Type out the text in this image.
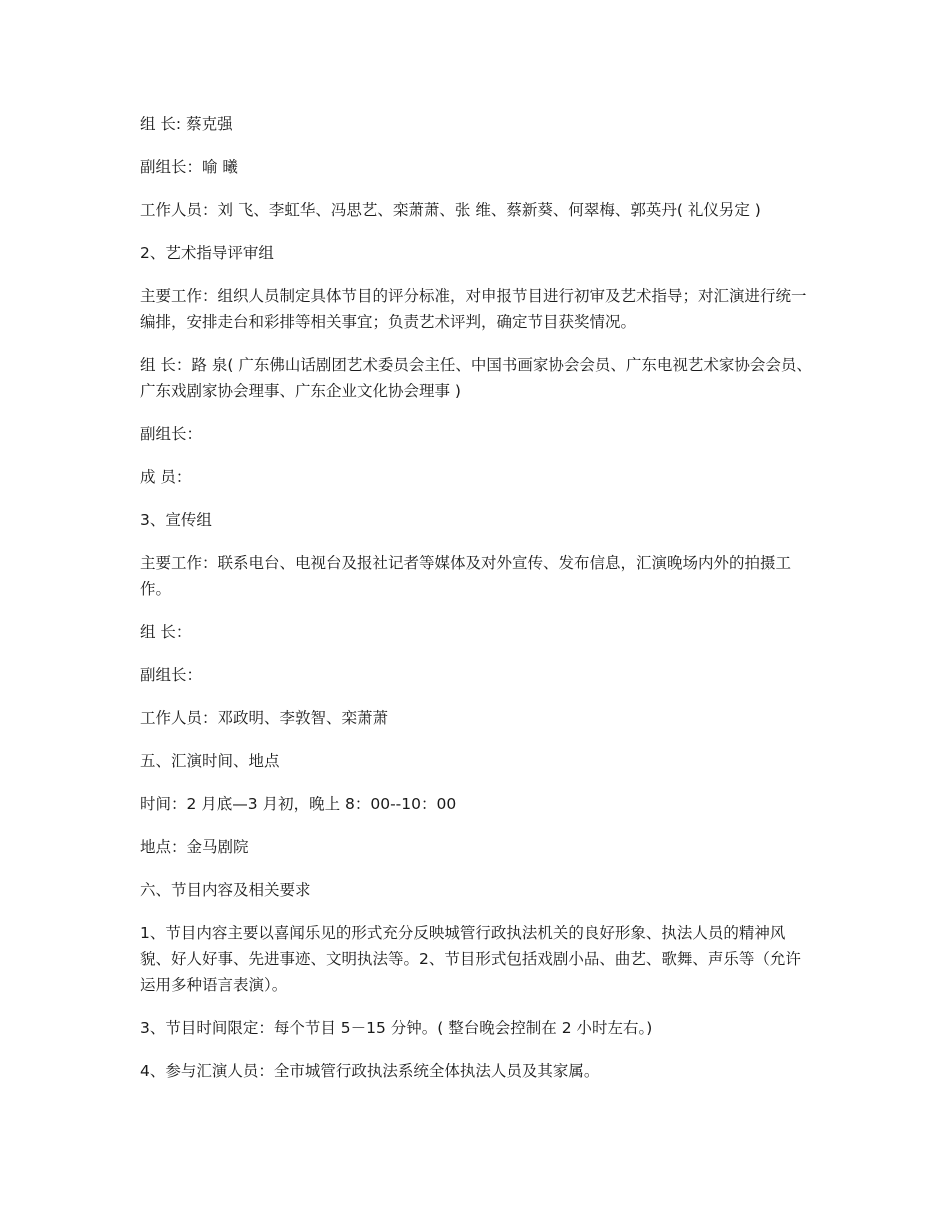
组 长: 蔡克强

副组长：喻 曦

工作人员：刘 飞、李虹华、冯思艺、栾萧萧、张 维、蔡新葵、何翠梅、郭英丹( 礼仪另定 )

2、艺术指导评审组

主要工作：组织人员制定具体节目的评分标准，对申报节目进行初审及艺术指导；对汇演进行统一编排，安排走台和彩排等相关事宜；负责艺术评判，确定节目获奖情况。

组 长：路 泉( 广东佛山话剧团艺术委员会主任、中国书画家协会会员、广东电视艺术家协会会员、广东戏剧家协会理事、广东企业文化协会理事 )

副组长：

成 员：

3、宣传组

主要工作：联系电台、电视台及报社记者等媒体及对外宣传、发布信息，汇演晚场内外的拍摄工作。

组 长：

副组长：

工作人员：邓政明、李敦智、栾萧萧

五、汇演时间、地点

时间：2 月底—3 月初，晚上 8：00--10：00

地点：金马剧院

六、节目内容及相关要求

1、节目内容主要以喜闻乐见的形式充分反映城管行政执法机关的良好形象、执法人员的精神风貌、好人好事、先进事迹、文明执法等。2、节目形式包括戏剧小品、曲艺、歌舞、声乐等（允许运用多种语言表演）。

3、节目时间限定：每个节目 5－15 分钟。( 整台晚会控制在 2 小时左右。)

4、参与汇演人员：全市城管行政执法系统全体执法人员及其家属。
